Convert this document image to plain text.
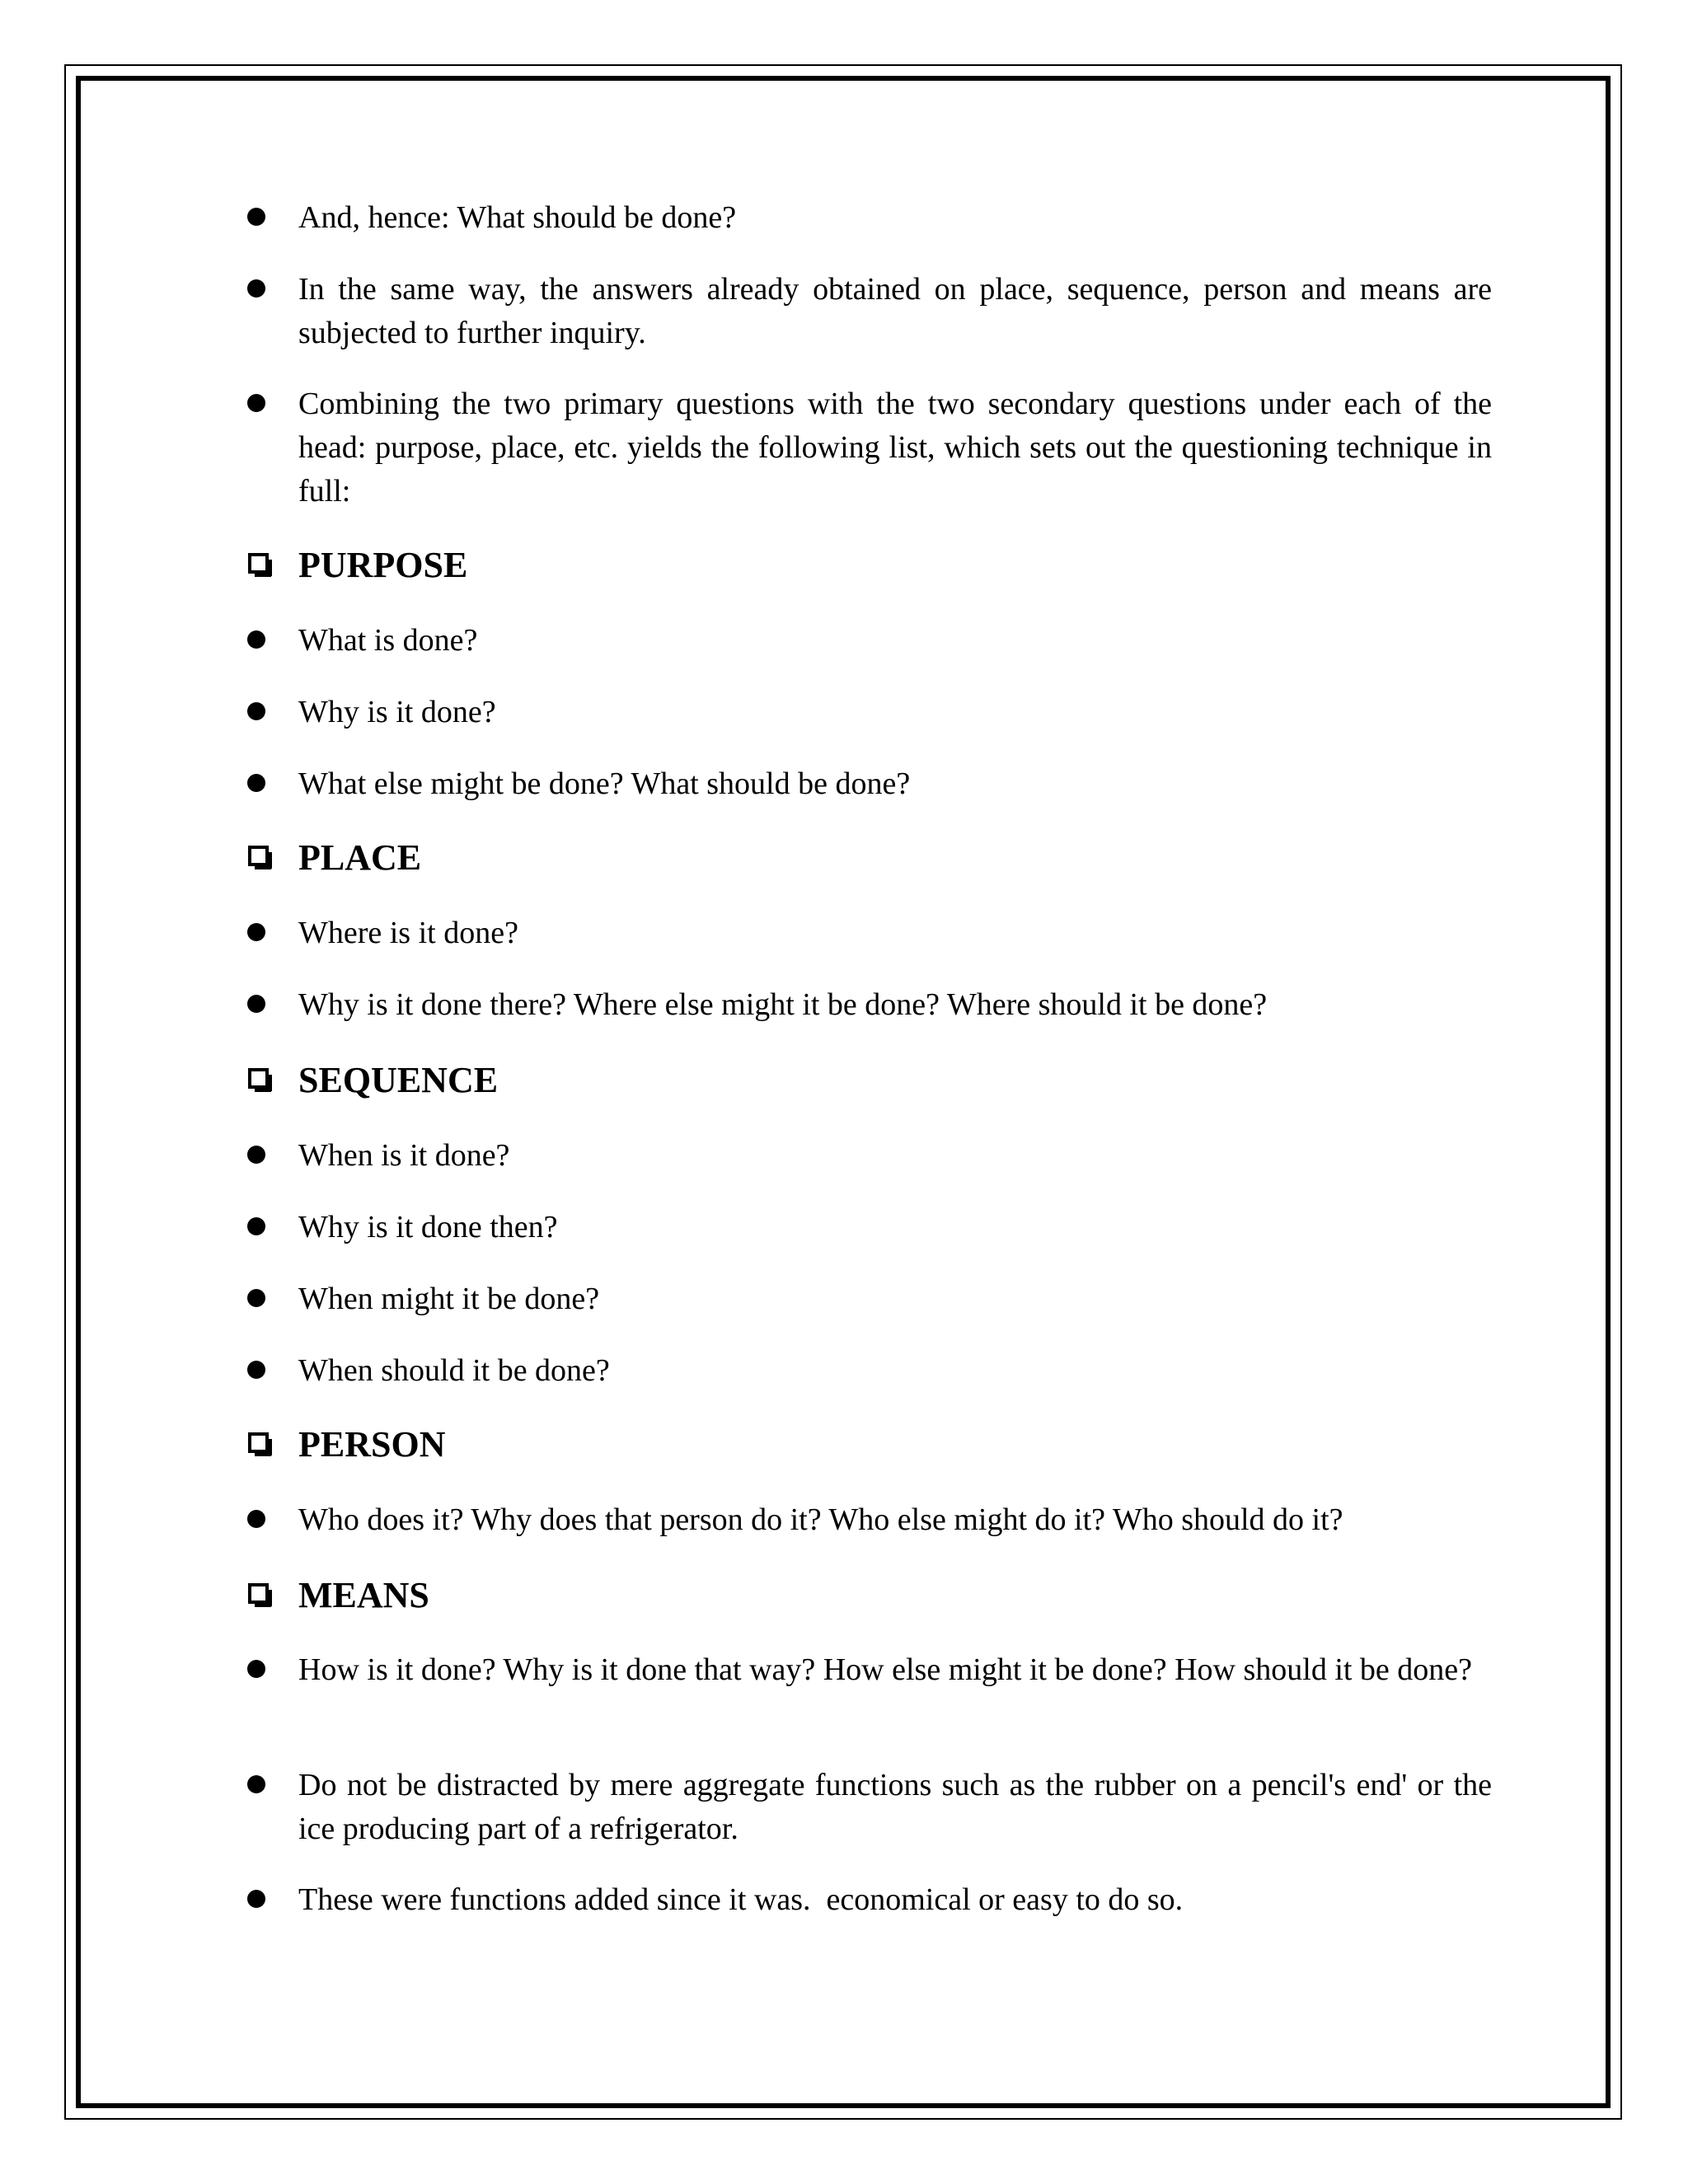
And, hence: What should be done?
In the same way, the answers already obtained on place, sequence, person and means are subjected to further inquiry.
Combining the two primary questions with the two secondary questions under each of the head: purpose, place, etc. yields the following list, which sets out the questioning technique in full:
PURPOSE
What is done?
Why is it done?
What else might be done? What should be done?
PLACE
Where is it done?
Why is it done there? Where else might it be done? Where should it be done?
SEQUENCE
When is it done?
Why is it done then?
When might it be done?
When should it be done?
PERSON
Who does it? Why does that person do it? Who else might do it? Who should do it?
MEANS
How is it done? Why is it done that way? How else might it be done? How should it be done?
Do not be distracted by mere aggregate functions such as the rubber on a pencil's end' or the ice producing part of a refrigerator.
These were functions added since it was.  economical or easy to do so.
